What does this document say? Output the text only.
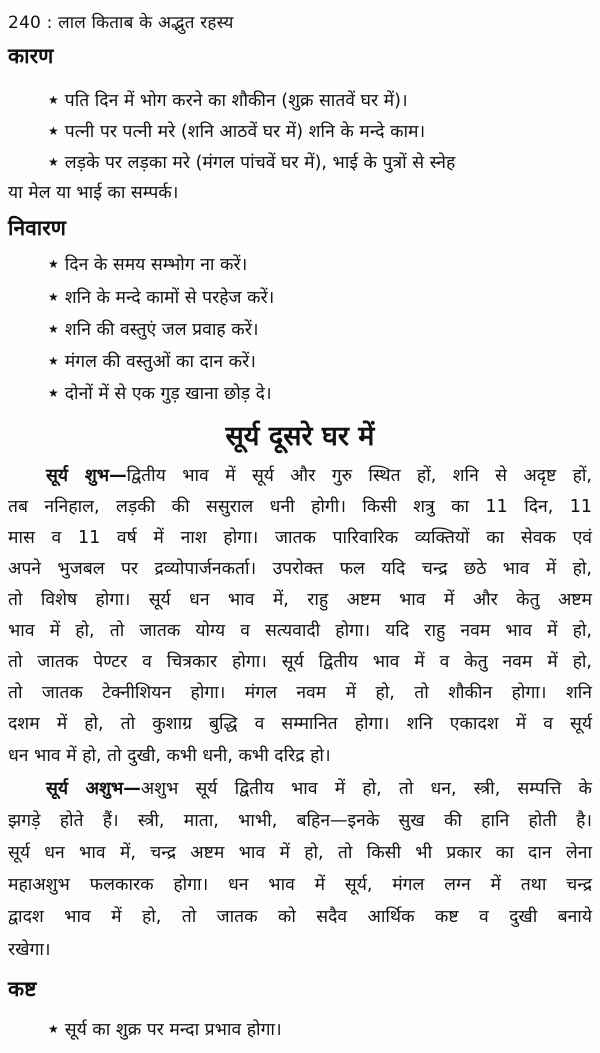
240 : लाल किताब के अद्भुत रहस्य
कारण
★ पति दिन में भोग करने का शौकीन (शुक्र सातवें घर में)।
★ पत्नी पर पत्नी मरे (शनि आठवें घर में) शनि के मन्दे काम।
★ लड़के पर लड़का मरे (मंगल पांचवें घर में), भाई के पुत्रों से स्नेह
या मेल या भाई का सम्पर्क।
निवारण
★ दिन के समय सम्भोग ना करें।
★ शनि के मन्दे कामों से परहेज करें।
★ शनि की वस्तुएं जल प्रवाह करें।
★ मंगल की वस्तुओं का दान करें।
★ दोनों में से एक गुड़ खाना छोड़ दे।
सूर्य दूसरे घर में
सूर्य शुभ—द्वितीय भाव में सूर्य और गुरु स्थित हों, शनि से अदृष्ट हों,
तब ननिहाल, लड़की की ससुराल धनी होगी। किसी शत्रु का 11 दिन, 11
मास व 11 वर्ष में नाश होगा। जातक पारिवारिक व्यक्तियों का सेवक एवं
अपने भुजबल पर द्रव्योपार्जनकर्ता। उपरोक्त फल यदि चन्द्र छठे भाव में हो,
तो विशेष होगा। सूर्य धन भाव में, राहु अष्टम भाव में और केतु अष्टम
भाव में हो, तो जातक योग्य व सत्यवादी होगा। यदि राहु नवम भाव में हो,
तो जातक पेण्टर व चित्रकार होगा। सूर्य द्वितीय भाव में व केतु नवम में हो,
तो जातक टेक्नीशियन होगा। मंगल नवम में हो, तो शौकीन होगा। शनि
दशम में हो, तो कुशाग्र बुद्धि व सम्मानित होगा। शनि एकादश में व सूर्य
धन भाव में हो, तो दुखी, कभी धनी, कभी दरिद्र हो।
सूर्य अशुभ—अशुभ सूर्य द्वितीय भाव में हो, तो धन, स्त्री, सम्पत्ति के
झगड़े होते हैं। स्त्री, माता, भाभी, बहिन—इनके सुख की हानि होती है।
सूर्य धन भाव में, चन्द्र अष्टम भाव में हो, तो किसी भी प्रकार का दान लेना
महाअशुभ फलकारक होगा। धन भाव में सूर्य, मंगल लग्न में तथा चन्द्र
द्वादश भाव में हो, तो जातक को सदैव आर्थिक कष्ट व दुखी बनाये
रखेगा।
कष्ट
★ सूर्य का शुक्र पर मन्दा प्रभाव होगा।
